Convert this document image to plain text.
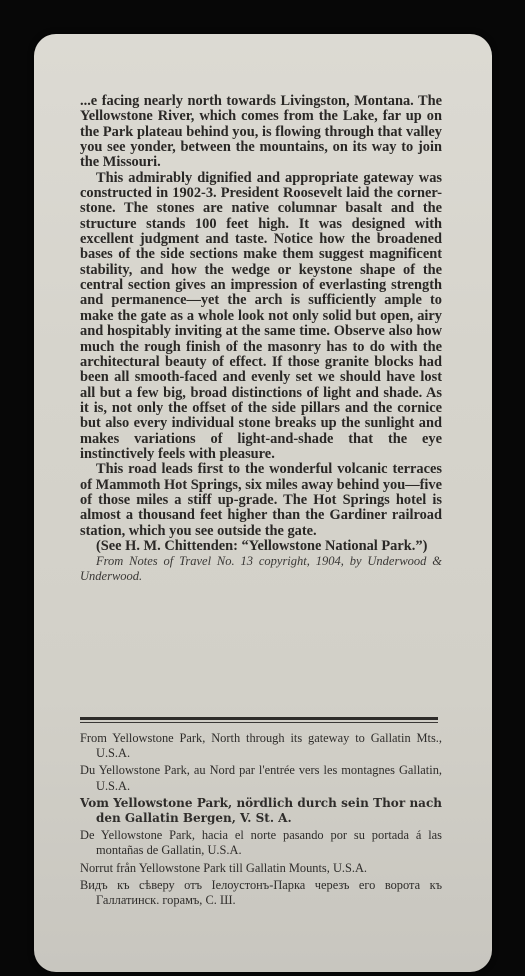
...e facing nearly north towards Livingston, Montana. The Yellowstone River, which comes from the Lake, far up on the Park plateau behind you, is flowing through that valley you see yonder, between the mountains, on its way to join the Missouri.

This admirably dignified and appropriate gateway was constructed in 1902-3. President Roosevelt laid the corner-stone. The stones are native columnar basalt and the structure stands 100 feet high. It was designed with excellent judgment and taste. Notice how the broadened bases of the side sections make them suggest magnificent stability, and how the wedge or keystone shape of the central section gives an impression of everlasting strength and permanence—yet the arch is sufficiently ample to make the gate as a whole look not only solid but open, airy and hospitably inviting at the same time. Observe also how much the rough finish of the masonry has to do with the architectural beauty of effect. If those granite blocks had been all smooth-faced and evenly set we should have lost all but a few big, broad distinctions of light and shade. As it is, not only the offset of the side pillars and the cornice but also every individual stone breaks up the sunlight and makes variations of light-and-shade that the eye instinctively feels with pleasure.

This road leads first to the wonderful volcanic terraces of Mammoth Hot Springs, six miles away behind you—five of those miles a stiff up-grade. The Hot Springs hotel is almost a thousand feet higher than the Gardiner railroad station, which you see outside the gate.

(See H. M. Chittenden: “Yellowstone National Park.”)

From Notes of Travel No. 13 copyright, 1904, by Underwood & Underwood.

From Yellowstone Park, North through its gateway to Gallatin Mts., U.S.A.

Du Yellowstone Park, au Nord par l'entrée vers les montagnes Gallatin, U.S.A.

Vom Yellowstone Park, nördlich durch sein Thor nach den Gallatin Bergen, V. St. A.

De Yellowstone Park, hacia el norte pasando por su portada á las montañas de Gallatin, U.S.A.

Norrut från Yellowstone Park till Gallatin Mounts, U.S.A.

Видъ къ сѣверу отъ Іелоустонъ-Парка черезъ его ворота къ Галлатинск. горамъ, С. Ш.
